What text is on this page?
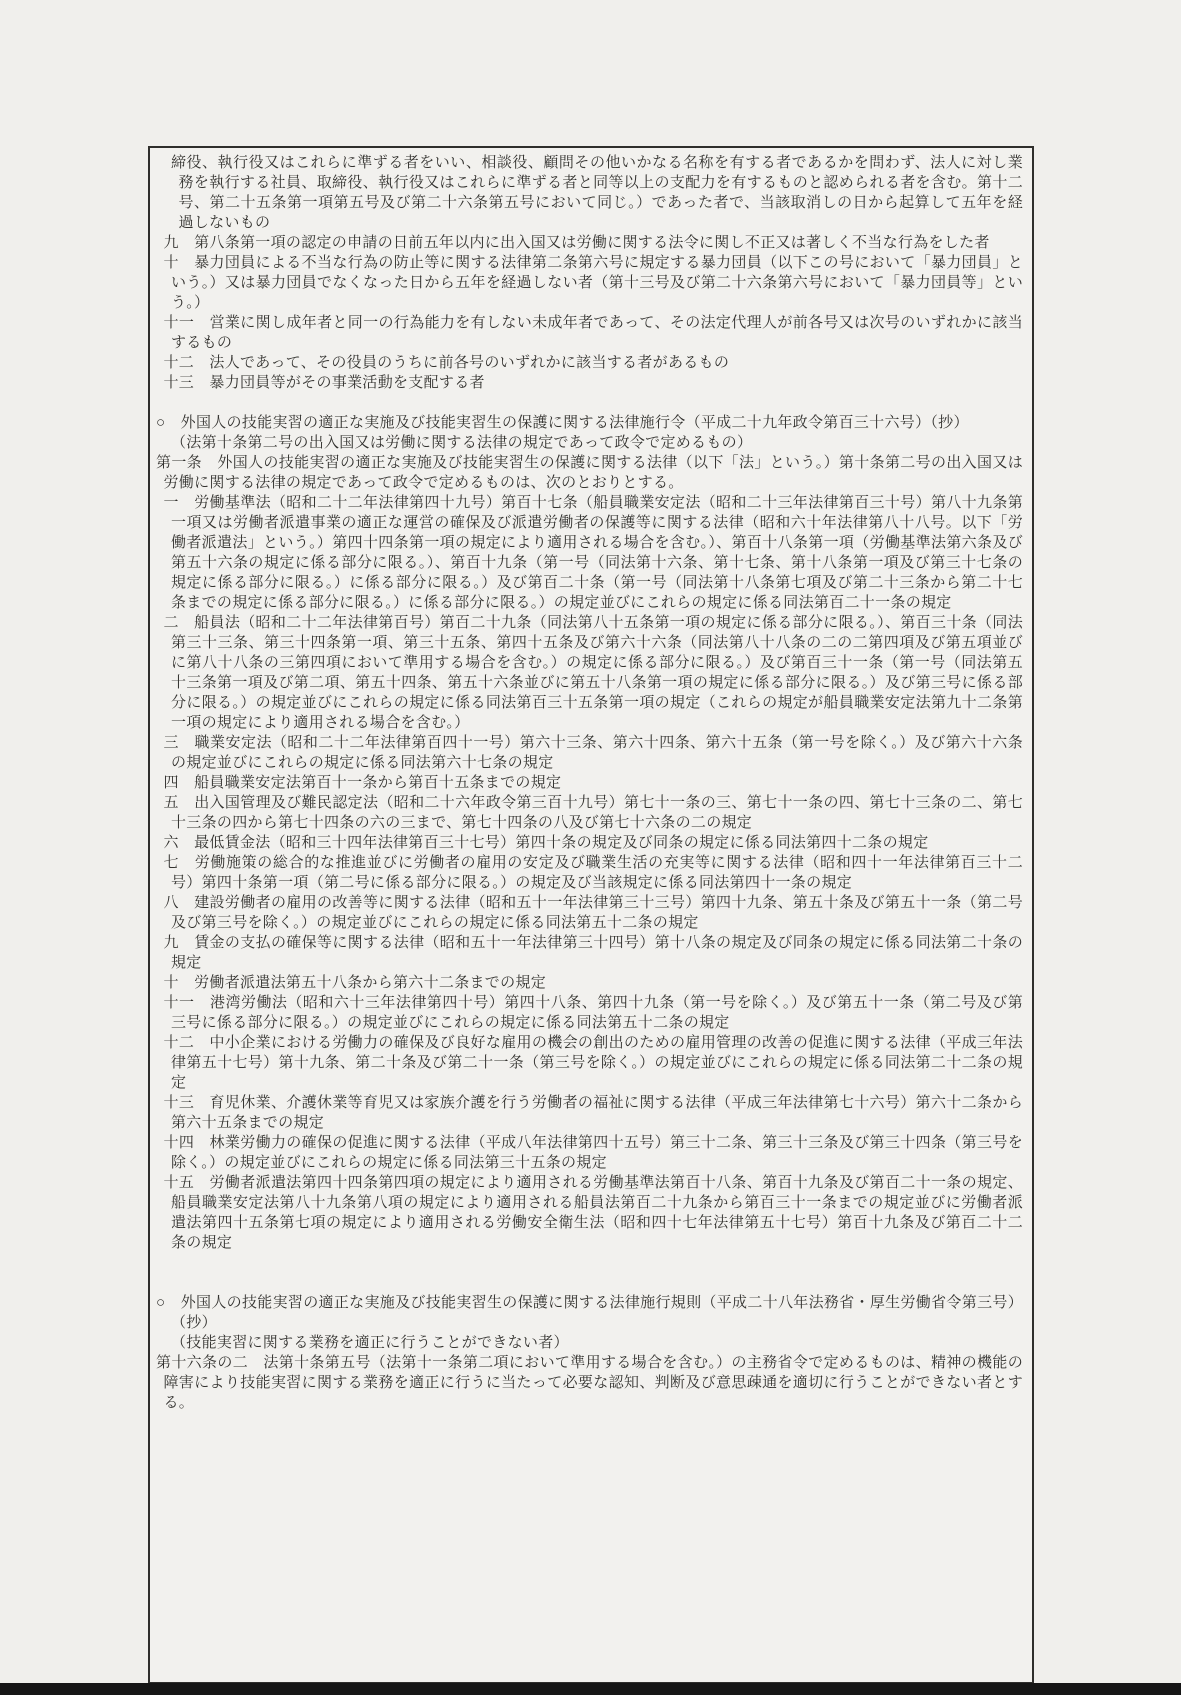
締役、執行役又はこれらに準ずる者をいい、相談役、顧問その他いかなる名称を有する者であるかを問わず、法人に対し業務を執行する社員、取締役、執行役又はこれらに準ずる者と同等以上の支配力を有するものと認められる者を含む。第十二号、第二十五条第一項第五号及び第二十六条第五号において同じ。）であった者で、当該取消しの日から起算して五年を経過しないもの
九　第八条第一項の認定の申請の日前五年以内に出入国又は労働に関する法令に関し不正又は著しく不当な行為をした者
十　暴力団員による不当な行為の防止等に関する法律第二条第六号に規定する暴力団員（以下この号において「暴力団員」という。）又は暴力団員でなくなった日から五年を経過しない者（第十三号及び第二十六条第六号において「暴力団員等」という。）
十一　営業に関し成年者と同一の行為能力を有しない未成年者であって、その法定代理人が前各号又は次号のいずれかに該当するもの
十二　法人であって、その役員のうちに前各号のいずれかに該当する者があるもの
十三　暴力団員等がその事業活動を支配する者
○　外国人の技能実習の適正な実施及び技能実習生の保護に関する法律施行令（平成二十九年政令第百三十六号）（抄）
（法第十条第二号の出入国又は労働に関する法律の規定であって政令で定めるもの）
第一条　外国人の技能実習の適正な実施及び技能実習生の保護に関する法律（以下「法」という。）第十条第二号の出入国又は労働に関する法律の規定であって政令で定めるものは、次のとおりとする。
一　労働基準法（昭和二十二年法律第四十九号）第百十七条（船員職業安定法（昭和二十三年法律第百三十号）第八十九条第一項又は労働者派遣事業の適正な運営の確保及び派遣労働者の保護等に関する法律（昭和六十年法律第八十八号。以下「労働者派遣法」という。）第四十四条第一項の規定により適用される場合を含む。）、第百十八条第一項（労働基準法第六条及び第五十六条の規定に係る部分に限る。）、第百十九条（第一号（同法第十六条、第十七条、第十八条第一項及び第三十七条の規定に係る部分に限る。）に係る部分に限る。）及び第百二十条（第一号（同法第十八条第七項及び第二十三条から第二十七条までの規定に係る部分に限る。）に係る部分に限る。）の規定並びにこれらの規定に係る同法第百二十一条の規定
二　船員法（昭和二十二年法律第百号）第百二十九条（同法第八十五条第一項の規定に係る部分に限る。）、第百三十条（同法第三十三条、第三十四条第一項、第三十五条、第四十五条及び第六十六条（同法第八十八条の二の二第四項及び第五項並びに第八十八条の三第四項において準用する場合を含む。）の規定に係る部分に限る。）及び第百三十一条（第一号（同法第五十三条第一項及び第二項、第五十四条、第五十六条並びに第五十八条第一項の規定に係る部分に限る。）及び第三号に係る部分に限る。）の規定並びにこれらの規定に係る同法第百三十五条第一項の規定（これらの規定が船員職業安定法第九十二条第一項の規定により適用される場合を含む。）
三　職業安定法（昭和二十二年法律第百四十一号）第六十三条、第六十四条、第六十五条（第一号を除く。）及び第六十六条の規定並びにこれらの規定に係る同法第六十七条の規定
四　船員職業安定法第百十一条から第百十五条までの規定
五　出入国管理及び難民認定法（昭和二十六年政令第三百十九号）第七十一条の三、第七十一条の四、第七十三条の二、第七十三条の四から第七十四条の六の三まで、第七十四条の八及び第七十六条の二の規定
六　最低賃金法（昭和三十四年法律第百三十七号）第四十条の規定及び同条の規定に係る同法第四十二条の規定
七　労働施策の総合的な推進並びに労働者の雇用の安定及び職業生活の充実等に関する法律（昭和四十一年法律第百三十二号）第四十条第一項（第二号に係る部分に限る。）の規定及び当該規定に係る同法第四十一条の規定
八　建設労働者の雇用の改善等に関する法律（昭和五十一年法律第三十三号）第四十九条、第五十条及び第五十一条（第二号及び第三号を除く。）の規定並びにこれらの規定に係る同法第五十二条の規定
九　賃金の支払の確保等に関する法律（昭和五十一年法律第三十四号）第十八条の規定及び同条の規定に係る同法第二十条の規定
十　労働者派遣法第五十八条から第六十二条までの規定
十一　港湾労働法（昭和六十三年法律第四十号）第四十八条、第四十九条（第一号を除く。）及び第五十一条（第二号及び第三号に係る部分に限る。）の規定並びにこれらの規定に係る同法第五十二条の規定
十二　中小企業における労働力の確保及び良好な雇用の機会の創出のための雇用管理の改善の促進に関する法律（平成三年法律第五十七号）第十九条、第二十条及び第二十一条（第三号を除く。）の規定並びにこれらの規定に係る同法第二十二条の規定
十三　育児休業、介護休業等育児又は家族介護を行う労働者の福祉に関する法律（平成三年法律第七十六号）第六十二条から第六十五条までの規定
十四　林業労働力の確保の促進に関する法律（平成八年法律第四十五号）第三十二条、第三十三条及び第三十四条（第三号を除く。）の規定並びにこれらの規定に係る同法第三十五条の規定
十五　労働者派遣法第四十四条第四項の規定により適用される労働基準法第百十八条、第百十九条及び第百二十一条の規定、船員職業安定法第八十九条第八項の規定により適用される船員法第百二十九条から第百三十一条までの規定並びに労働者派遣法第四十五条第七項の規定により適用される労働安全衛生法（昭和四十七年法律第五十七号）第百十九条及び第百二十二条の規定
○　外国人の技能実習の適正な実施及び技能実習生の保護に関する法律施行規則（平成二十八年法務省・厚生労働省令第三号）（抄）
（技能実習に関する業務を適正に行うことができない者）
第十六条の二　法第十条第五号（法第十一条第二項において準用する場合を含む。）の主務省令で定めるものは、精神の機能の障害により技能実習に関する業務を適正に行うに当たって必要な認知、判断及び意思疎通を適切に行うことができない者とする。
